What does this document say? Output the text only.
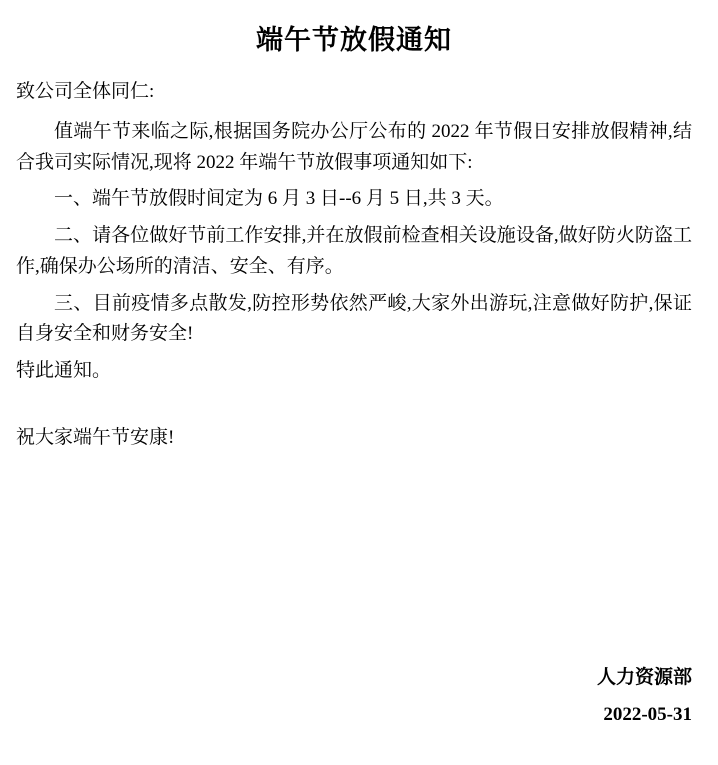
端午节放假通知
致公司全体同仁:

值端午节来临之际,根据国务院办公厅公布的 2022 年节假日安排放假精神,结合我司实际情况,现将 2022 年端午节放假事项通知如下:

一、端午节放假时间定为 6 月 3 日--6 月 5 日,共 3 天。

二、请各位做好节前工作安排,并在放假前检查相关设施设备,做好防火防盗工作,确保办公场所的清洁、安全、有序。

三、目前疫情多点散发,防控形势依然严峻,大家外出游玩,注意做好防护,保证自身安全和财务安全!

特此通知。

祝大家端午节安康!

人力资源部
2022-05-31
